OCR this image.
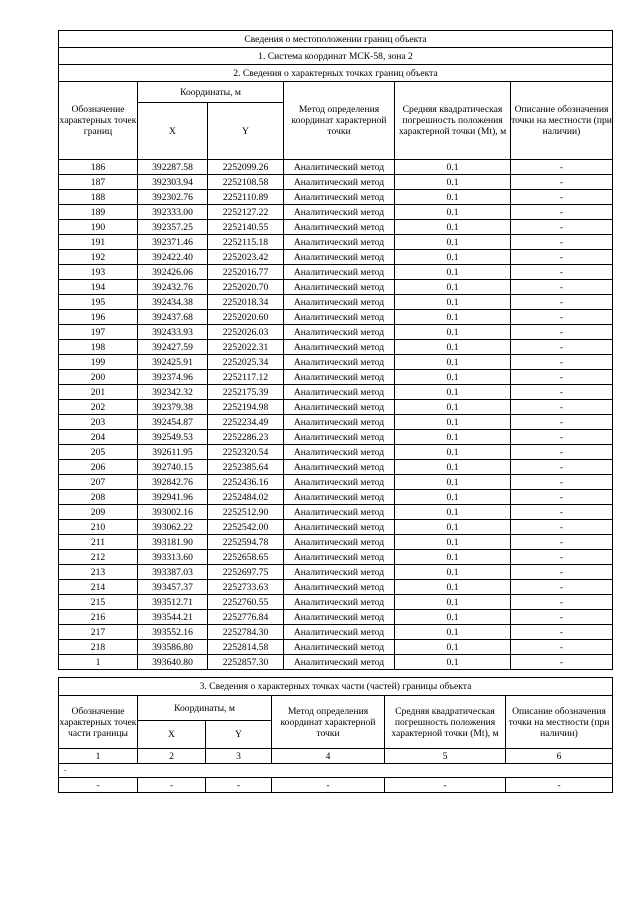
Сведения о местоположении границ объекта					
1. Система координат МСК-58, зона 2					
2. Сведения о характерных точках границ объекта					
Обозначение характерных точек границ	Координаты, м		Метод определения координат характерной точки	Средняя квадратическая погрешность положения характерной точки (Mt), м	Описание обозначения точки на местности (при наличии)
	X	Y			
186	392287.58	2252099.26	Аналитический метод	0.1	-
187	392303.94	2252108.58	Аналитический метод	0.1	-
188	392302.76	2252110.89	Аналитический метод	0.1	-
189	392333.00	2252127.22	Аналитический метод	0.1	-
190	392357.25	2252140.55	Аналитический метод	0.1	-
191	392371.46	2252115.18	Аналитический метод	0.1	-
192	392422.40	2252023.42	Аналитический метод	0.1	-
193	392426.06	2252016.77	Аналитический метод	0.1	-
194	392432.76	2252020.70	Аналитический метод	0.1	-
195	392434.38	2252018.34	Аналитический метод	0.1	-
196	392437.68	2252020.60	Аналитический метод	0.1	-
197	392433.93	2252026.03	Аналитический метод	0.1	-
198	392427.59	2252022.31	Аналитический метод	0.1	-
199	392425.91	2252025.34	Аналитический метод	0.1	-
200	392374.96	2252117.12	Аналитический метод	0.1	-
201	392342.32	2252175.39	Аналитический метод	0.1	-
202	392379.38	2252194.98	Аналитический метод	0.1	-
203	392454.87	2252234.49	Аналитический метод	0.1	-
204	392549.53	2252286.23	Аналитический метод	0.1	-
205	392611.95	2252320.54	Аналитический метод	0.1	-
206	392740.15	2252385.64	Аналитический метод	0.1	-
207	392842.76	2252436.16	Аналитический метод	0.1	-
208	392941.96	2252484.02	Аналитический метод	0.1	-
209	393002.16	2252512.90	Аналитический метод	0.1	-
210	393062.22	2252542.00	Аналитический метод	0.1	-
211	393181.90	2252594.78	Аналитический метод	0.1	-
212	393313.60	2252658.65	Аналитический метод	0.1	-
213	393387.03	2252697.75	Аналитический метод	0.1	-
214	393457.37	2252733.63	Аналитический метод	0.1	-
215	393512.71	2252760.55	Аналитический метод	0.1	-
216	393544.21	2252776.84	Аналитический метод	0.1	-
217	393552.16	2252784.30	Аналитический метод	0.1	-
218	393586.80	2252814.58	Аналитический метод	0.1	-
1	393640.80	2252857.30	Аналитический метод	0.1	-
3. Сведения о характерных точках части (частей) границы объекта					
Обозначение характерных точек части границы	Координаты, м		Метод определения координат характерной точки	Средняя квадратическая погрешность положения характерной точки (Mt), м	Описание обозначения точки на местности (при наличии)
	X	Y			
1	2	3	4	5	6
-					
-	-	-	-	-	-
